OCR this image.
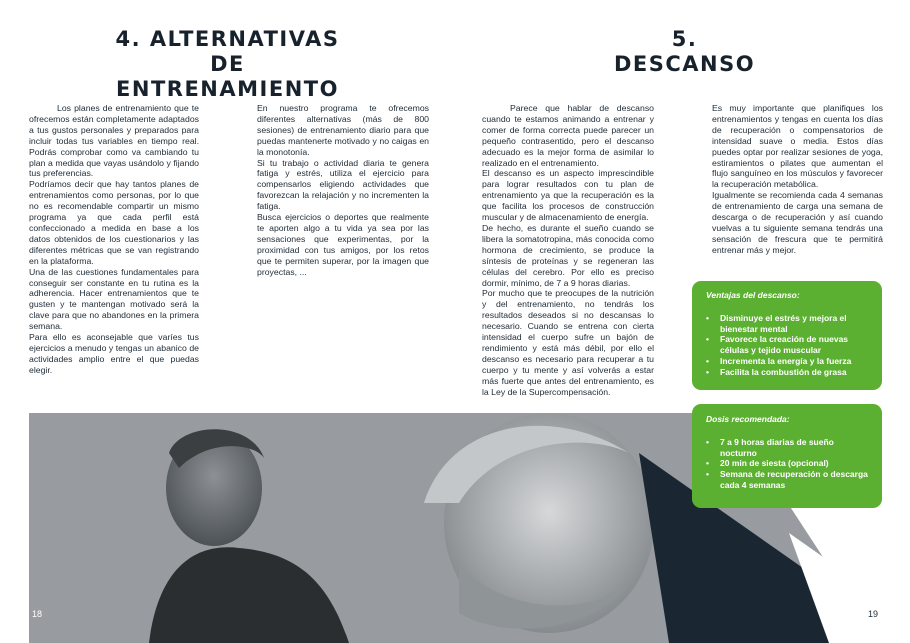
4. ALTERNATIVAS DE
ENTRENAMIENTO
5. DESCANSO

Los planes de entrenamiento que te ofrecemos están completamente adaptados a tus gustos personales y preparados para incluir todas tus variables en tiempo real. Podrás comprobar como va cambiando tu plan a medida que vayas usándolo y fijando tus preferencias.

Podríamos decir que hay tantos planes de entrenamientos como personas, por lo que no es recomendable compartir un mismo programa ya que cada perfil está confeccionado a medida en base a los datos obtenidos de los cuestionarios y las diferentes métricas que se van registrando en la plataforma.

Una de las cuestiones fundamentales para conseguir ser constante en tu rutina es la adherencia. Hacer entrenamientos que te gusten y te mantengan motivado será la clave para que no abandones en la primera semana.

Para ello es aconsejable que varíes tus ejercicios a menudo y tengas un abanico de actividades amplio entre el que puedas elegir.

En nuestro programa te ofrecemos diferentes alternativas (más de 800 sesiones) de entrenamiento diario para que puedas mantenerte motivado y no caigas en la monotonía.

Si tu trabajo o actividad diaria te genera fatiga y estrés, utiliza el ejercicio para compensarlos eligiendo actividades que favorezcan la relajación y no incrementen la fatiga.

Busca ejercicios o deportes que realmente te aporten algo a tu vida ya sea por las sensaciones que experimentas, por la proximidad con tus amigos, por los retos que te permiten superar, por la imagen que proyectas, ...

Parece que hablar de descanso cuando te estamos animando a entrenar y comer de forma correcta puede parecer un pequeño contrasentido, pero el descanso adecuado es la mejor forma de asimilar lo realizado en el entrenamiento.

El descanso es un aspecto imprescindible para lograr resultados con tu plan de entrenamiento ya que la recuperación es la que facilita los procesos de construcción muscular y de almacenamiento de energía.

De hecho, es durante el sueño cuando se libera la somatotropina, más conocida como hormona de crecimiento, se produce la síntesis de proteínas y se regeneran las células del cerebro. Por ello es preciso dormir, mínimo, de 7 a 9 horas diarias.

Por mucho que te preocupes de la nutrición y del entrenamiento, no tendrás los resultados deseados si no descansas lo necesario. Cuando se entrena con cierta intensidad el cuerpo sufre un bajón de rendimiento y está más débil, por ello el descanso es necesario para recuperar a tu cuerpo y tu mente y así volverás a estar más fuerte que antes del entrenamiento, es la Ley de la Supercompensación.

Es muy importante que planifiques los entrenamientos y tengas en cuenta los días de recuperación o compensatorios de intensidad suave o media. Estos días puedes optar por realizar sesiones de yoga, estiramientos o pilates que aumentan el flujo sanguíneo en los músculos y favorecer la recuperación metabólica.

Igualmente se recomienda cada 4 semanas de entrenamiento de carga una semana de descarga o de recuperación y así cuando vuelvas a tu siguiente semana tendrás una sensación de frescura que te permitirá entrenar más y mejor.

18	19

Ventajas del descanso:

• Disminuye el estrés y mejora el bienestar mental
• Favorece la creación de nuevas células y tejido muscular
• Incrementa la energía y la fuerza
• Facilita la combustión de grasa

Dosis recomendada:

• 7 a 9 horas diarias de sueño nocturno
• 20 min de siesta (opcional)
• Semana de recuperación o descarga cada 4 semanas
